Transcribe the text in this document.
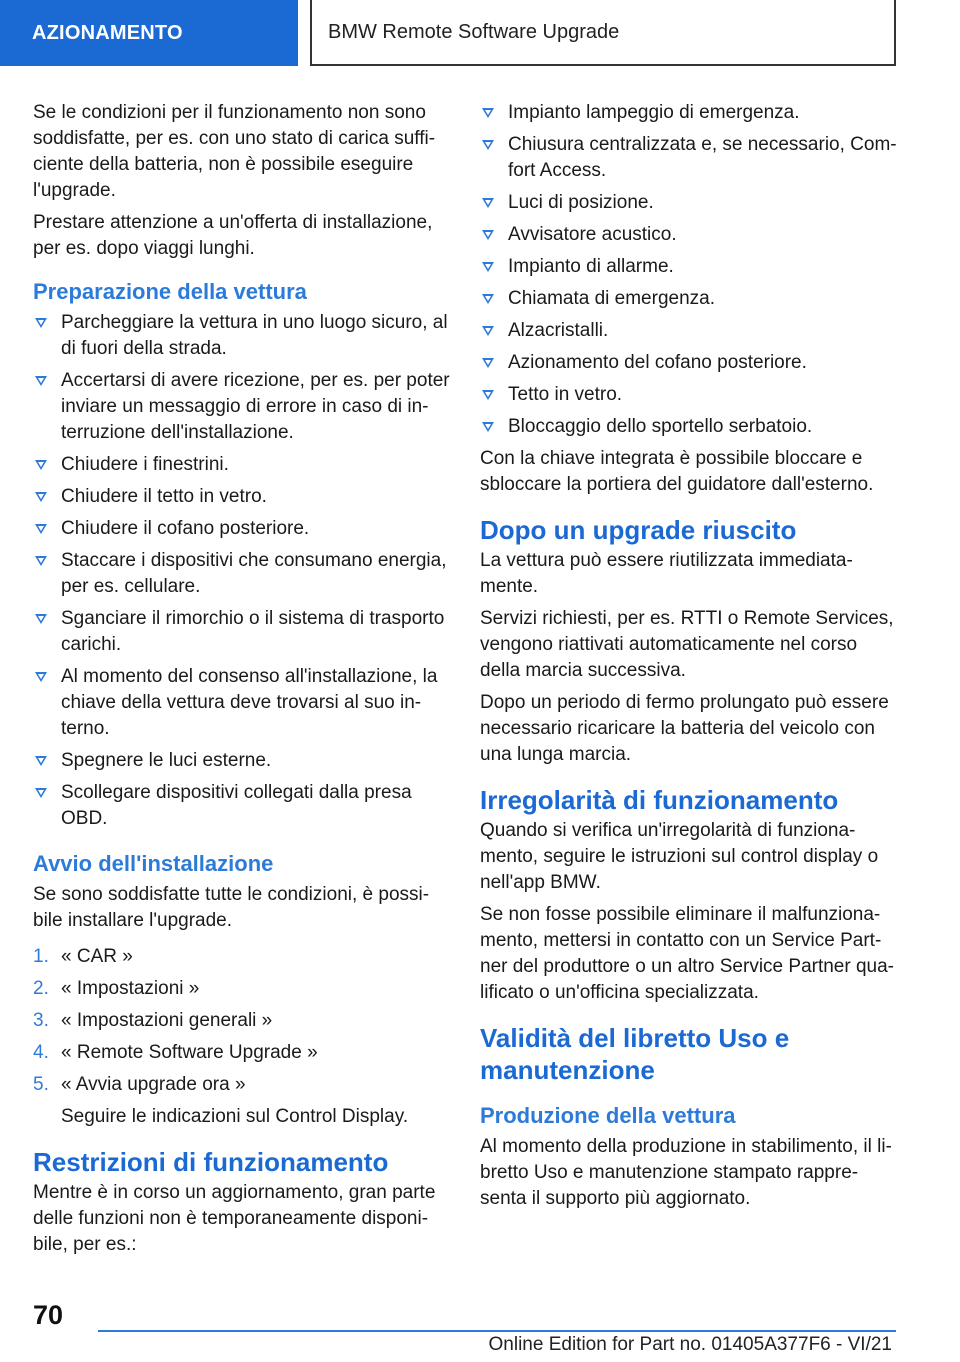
AZIONAMENTO	BMW Remote Software Upgrade

Se le condizioni per il funzionamento non sono soddisfatte, per es. con uno stato di carica suffi-ciente della batteria, non è possibile eseguire l'upgrade.

Prestare attenzione a un'offerta di installazione, per es. dopo viaggi lunghi.

Preparazione della vettura
Parcheggiare la vettura in uno luogo sicuro, al di fuori della strada.
Accertarsi di avere ricezione, per es. per poter inviare un messaggio di errore in caso di in-terruzione dell'installazione.
Chiudere i finestrini.
Chiudere il tetto in vetro.
Chiudere il cofano posteriore.
Staccare i dispositivi che consumano energia, per es. cellulare.
Sganciare il rimorchio o il sistema di trasporto carichi.
Al momento del consenso all'installazione, la chiave della vettura deve trovarsi al suo in-terno.
Spegnere le luci esterne.
Scollegare dispositivi collegati dalla presa OBD.
Avvio dell'installazione

Se sono soddisfatte tutte le condizioni, è possi-bile installare l'upgrade.

1. « CAR »
2. « Impostazioni »
3. « Impostazioni generali »
4. « Remote Software Upgrade »
5. « Avvia upgrade ora »
Seguire le indicazioni sul Control Display.
Restrizioni di funzionamento

Mentre è in corso un aggiornamento, gran parte delle funzioni non è temporaneamente disponi-bile, per es.:

Impianto lampeggio di emergenza.
Chiusura centralizzata e, se necessario, Com-fort Access.
Luci di posizione.
Avvisatore acustico.
Impianto di allarme.
Chiamata di emergenza.
Alzacristalli.
Azionamento del cofano posteriore.
Tetto in vetro.
Bloccaggio dello sportello serbatoio.

Con la chiave integrata è possibile bloccare e sbloccare la portiera del guidatore dall'esterno.

Dopo un upgrade riuscito

La vettura può essere riutilizzata immediata-mente.

Servizi richiesti, per es. RTTI o Remote Services, vengono riattivati automaticamente nel corso della marcia successiva.

Dopo un periodo di fermo prolungato può essere necessario ricaricare la batteria del veicolo con una lunga marcia.

Irregolarità di funzionamento

Quando si verifica un'irregolarità di funziona-mento, seguire le istruzioni sul control display o nell'app BMW.

Se non fosse possibile eliminare il malfunziona-mento, mettersi in contatto con un Service Part-ner del produttore o un altro Service Partner qua-lificato o un'officina specializzata.

Validità del libretto Uso e manutenzione
Produzione della vettura

Al momento della produzione in stabilimento, il li-bretto Uso e manutenzione stampato rappre-senta il supporto più aggiornato.

70
Online Edition for Part no. 01405A377F6 - VI/21
